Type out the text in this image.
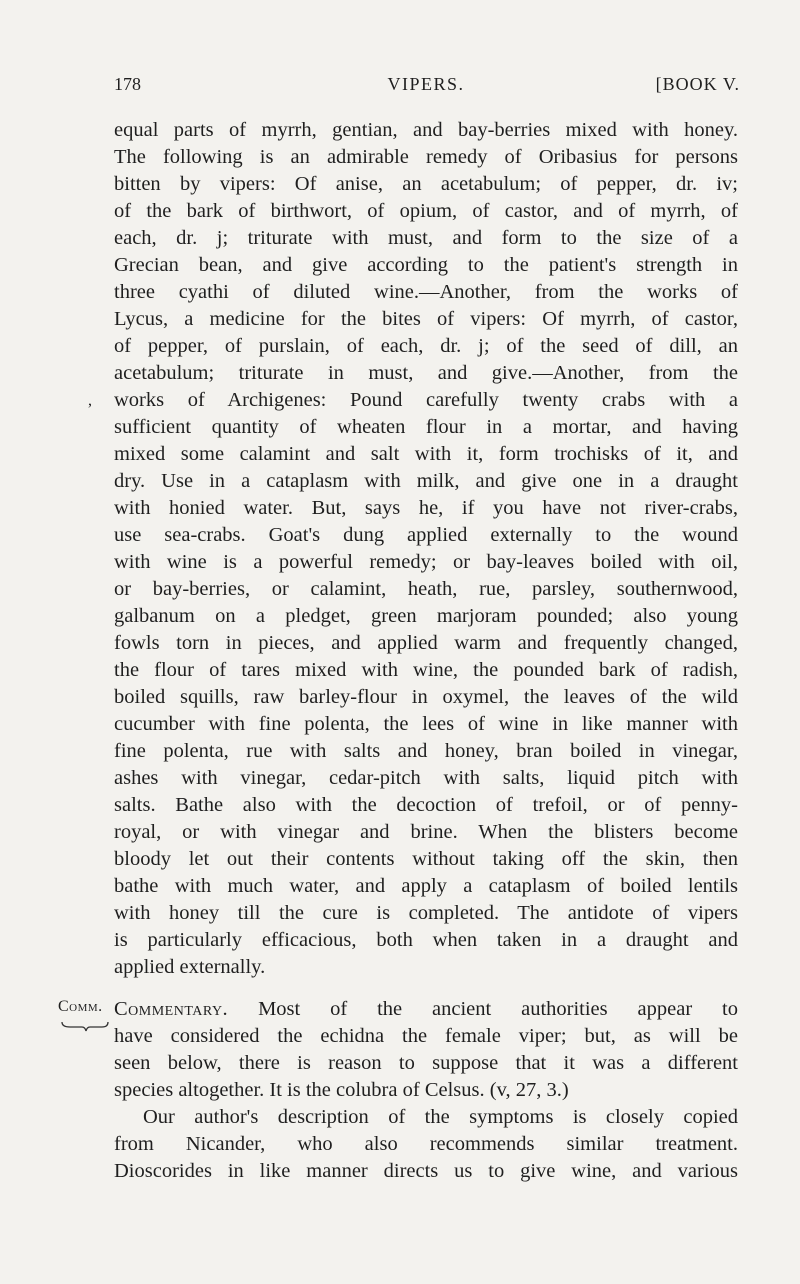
178	VIPERS.	[BOOK V.
,
equal parts of myrrh, gentian, and bay-berries mixed with honey.
The following is an admirable remedy of Oribasius for persons
bitten by vipers: Of anise, an acetabulum; of pepper, dr. iv;
of the bark of birthwort, of opium, of castor, and of myrrh, of
each, dr. j; triturate with must, and form to the size of a
Grecian bean, and give according to the patient's strength in
three cyathi of diluted wine.—Another, from the works of
Lycus, a medicine for the bites of vipers: Of myrrh, of castor,
of pepper, of purslain, of each, dr. j; of the seed of dill, an
acetabulum; triturate in must, and give.—Another, from the
works of Archigenes: Pound carefully twenty crabs with a
sufficient quantity of wheaten flour in a mortar, and having
mixed some calamint and salt with it, form trochisks of it, and
dry. Use in a cataplasm with milk, and give one in a draught
with honied water. But, says he, if you have not river-crabs,
use sea-crabs. Goat's dung applied externally to the wound
with wine is a powerful remedy; or bay-leaves boiled with oil,
or bay-berries, or calamint, heath, rue, parsley, southernwood,
galbanum on a pledget, green marjoram pounded; also young
fowls torn in pieces, and applied warm and frequently changed,
the flour of tares mixed with wine, the pounded bark of radish,
boiled squills, raw barley-flour in oxymel, the leaves of the wild
cucumber with fine polenta, the lees of wine in like manner with
fine polenta, rue with salts and honey, bran boiled in vinegar,
ashes with vinegar, cedar-pitch with salts, liquid pitch with
salts. Bathe also with the decoction of trefoil, or of penny-
royal, or with vinegar and brine. When the blisters become
bloody let out their contents without taking off the skin, then
bathe with much water, and apply a cataplasm of boiled lentils
with honey till the cure is completed. The antidote of vipers
is particularly efficacious, both when taken in a draught and
applied externally.
Comm. Commentary. Most of the ancient authorities appear to
have considered the echidna the female viper; but, as will be
seen below, there is reason to suppose that it was a different
species altogether. It is the colubra of Celsus. (v, 27, 3.)
Our author's description of the symptoms is closely copied
from Nicander, who also recommends similar treatment.
Dioscorides in like manner directs us to give wine, and various
